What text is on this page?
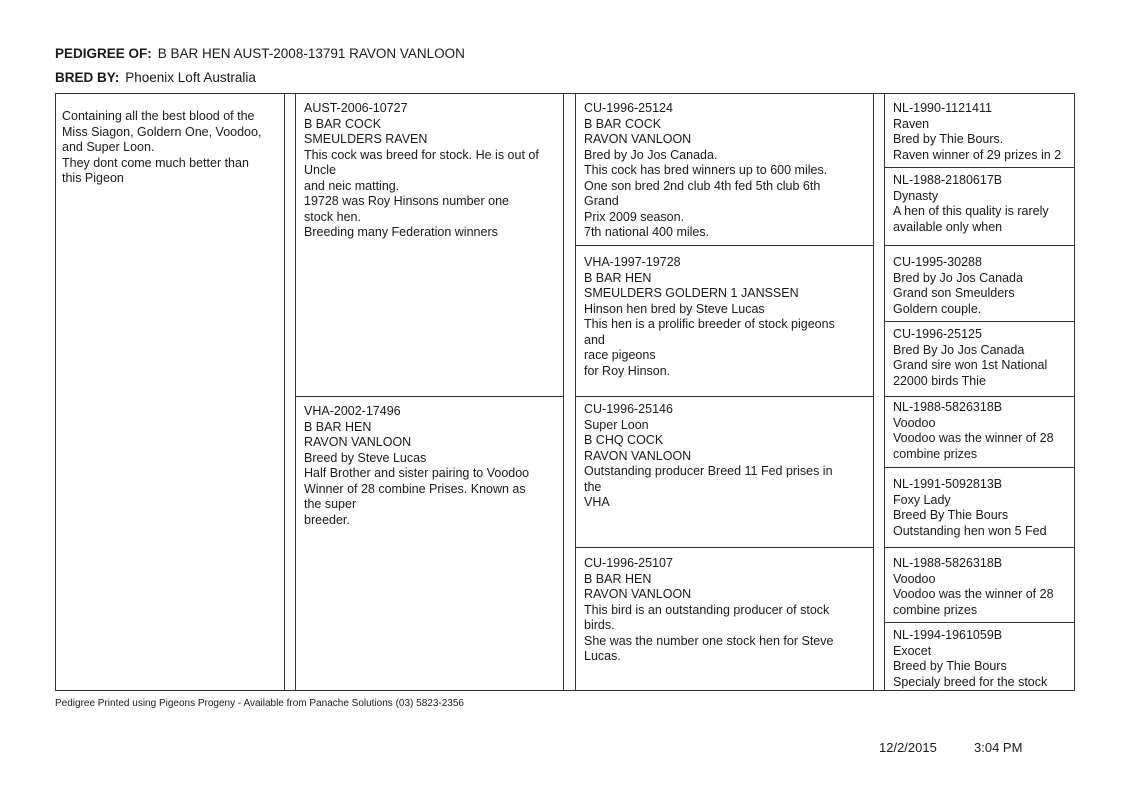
PEDIGREE OF: B BAR HEN AUST-2008-13791 RAVON VANLOON
BRED BY: Phoenix Loft Australia
Containing all the best blood of the
Miss Siagon, Goldern One, Voodoo,
and Super Loon.
They dont come much better than
this Pigeon
AUST-2006-10727
B BAR COCK
SMEULDERS RAVEN
This cock was breed for stock. He is out of
Uncle
and neic matting.
19728 was Roy Hinsons number one
stock hen.
Breeding many Federation winners
VHA-2002-17496
B BAR HEN
RAVON VANLOON
Breed by Steve Lucas
Half Brother and sister pairing to Voodoo
Winner of 28 combine Prises. Known as
the super
breeder.
CU-1996-25124
B BAR COCK
RAVON VANLOON
Bred by Jo Jos Canada.
This cock has bred winners up to 600 miles.
One son bred 2nd club 4th fed 5th club 6th
Grand
Prix 2009 season.
7th national 400 miles.
VHA-1997-19728
B BAR HEN
SMEULDERS GOLDERN 1 JANSSEN
Hinson hen bred by Steve Lucas
This hen is a prolific breeder of stock pigeons
and
race pigeons
for Roy Hinson.
CU-1996-25146
Super Loon
B CHQ COCK
RAVON VANLOON
Outstanding producer Breed 11 Fed prises in
the
VHA
CU-1996-25107
B BAR HEN
RAVON VANLOON
This bird is an outstanding producer of stock
birds.
She was the number one stock hen for Steve
Lucas.
NL-1990-1121411
Raven
Bred by Thie Bours.
Raven winner of 29 prizes in 2
NL-1988-2180617B
Dynasty
A hen of this quality is rarely
available only when
CU-1995-30288
Bred by Jo Jos Canada
Grand son Smeulders
Goldern couple.
CU-1996-25125
Bred By Jo Jos Canada
Grand sire won 1st National
22000 birds Thie
NL-1988-5826318B
Voodoo
Voodoo was the winner of 28
combine prizes
NL-1991-5092813B
Foxy Lady
Breed By Thie Bours
Outstanding hen won 5 Fed
NL-1988-5826318B
Voodoo
Voodoo was the winner of 28
combine prizes
NL-1994-1961059B
Exocet
Breed by Thie Bours
Specialy breed for the stock
Pedigree Printed using Pigeons Progeny - Available from Panache Solutions (03) 5823-2356
12/2/2015	3:04 PM
